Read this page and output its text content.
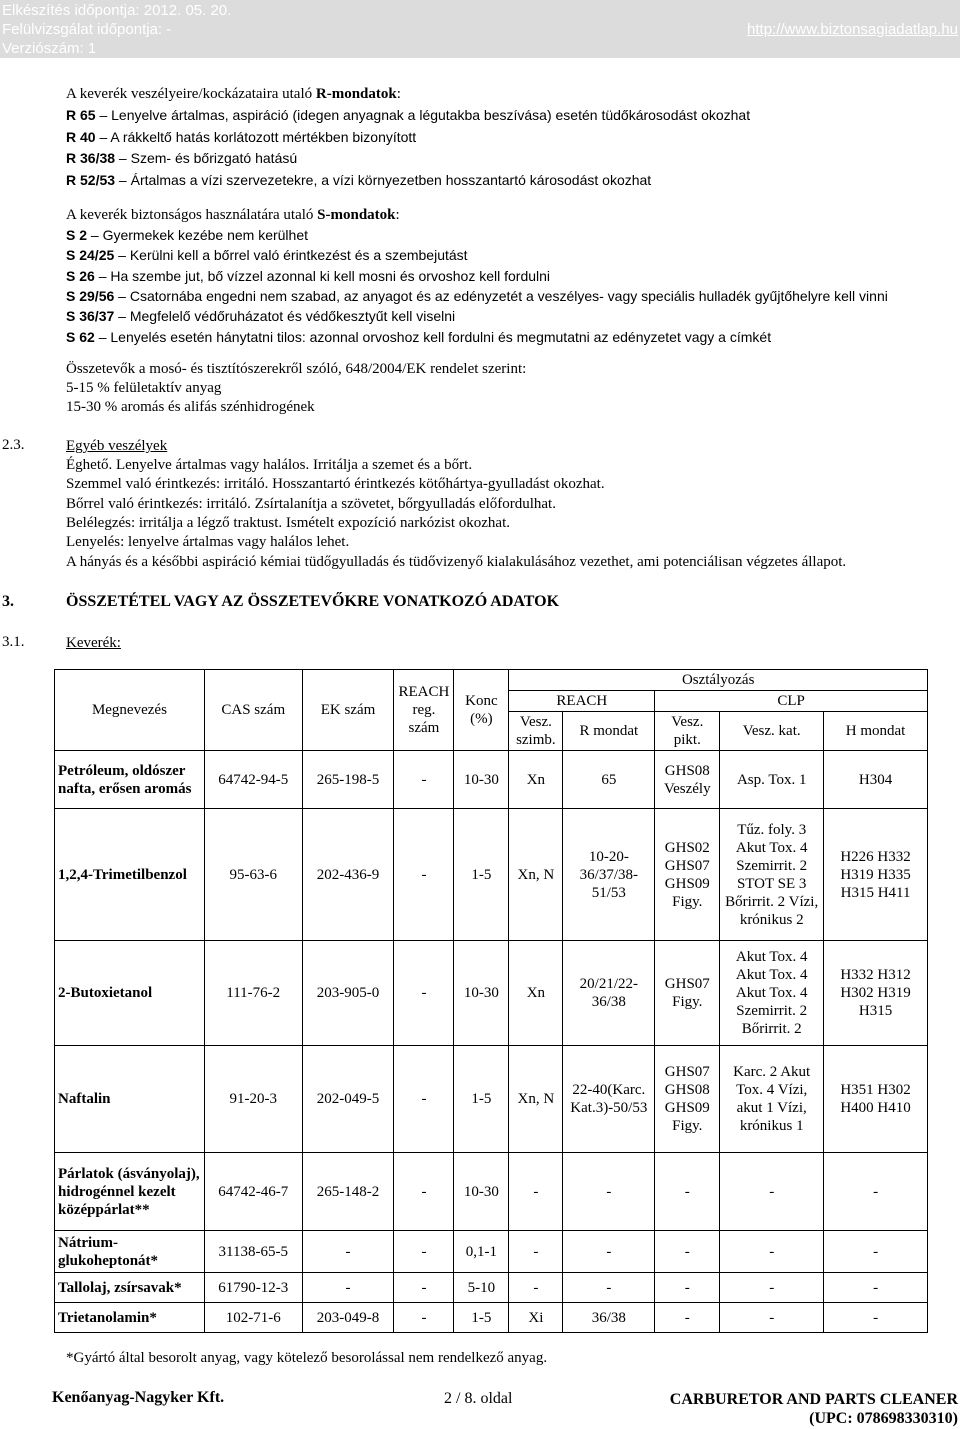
Elkészítés időpontja: 2012. 05. 20.
Felülvizsgálat időpontja: -
Verziószám: 1
http://www.biztonsagiadatlap.hu
A keverék veszélyeire/kockázataira utaló R-mondatok:
R 65 – Lenyelve ártalmas, aspiráció (idegen anyagnak a légutakba beszívása) esetén tüdőkárosodást okozhat
R 40 – A rákkeltő hatás korlátozott mértékben bizonyított
R 36/38 – Szem- és bőrizgató hatású
R 52/53 – Ártalmas a vízi szervezetekre, a vízi környezetben hosszantartó károsodást okozhat
A keverék biztonságos használatára utaló S-mondatok:
S 2 – Gyermekek kezébe nem kerülhet
S 24/25 – Kerülni kell a bőrrel való érintkezést és a szembejutást
S 26 – Ha szembe jut, bő vízzel azonnal ki kell mosni és orvoshoz kell fordulni
S 29/56 – Csatornába engedni nem szabad, az anyagot és az edényzetét a veszélyes- vagy speciális hulladék gyűjtőhelyre kell vinni
S 36/37 – Megfelelő védőruházatot és védőkesztyűt kell viselni
S 62 – Lenyelés esetén hánytatni tilos: azonnal orvoshoz kell fordulni és megmutatni az edényzetet vagy a címkét
Összetevők a mosó- és tisztítószerekről szóló, 648/2004/EK rendelet szerint:
5-15 % felületaktív anyag
15-30 % aromás és alifás szénhidrogének
2.3.	Egyéb veszélyek
Éghető. Lenyelve ártalmas vagy halálos. Irritálja a szemet és a bőrt.
Szemmel való érintkezés: irritáló. Hosszantartó érintkezés kötőhártya-gyulladást okozhat.
Bőrrel való érintkezés: irritáló. Zsírtalanítja a szövetet, bőrgyulladás előfordulhat.
Belélegzés: irritálja a légző traktust. Ismételt expozíció narkózist okozhat.
Lenyelés: lenyelve ártalmas vagy halálos lehet.
A hányás és a későbbi aspiráció kémiai tüdőgyulladás és tüdővizenyő kialakulásához vezethet, ami potenciálisan végzetes állapot.
3.	ÖSSZETÉTEL VAGY AZ ÖSSZETEVŐKRE VONATKOZÓ ADATOK
3.1.	Keverék:
Megnevezés	CAS szám	EK szám	REACH reg. szám	Konc (%)	Osztályozás				
					REACH		CLP		
					Vesz. szimb.	R mondat	Vesz. pikt.	Vesz. kat.	H mondat
Petróleum, oldószer nafta, erősen aromás	64742-94-5	265-198-5	-	10-30	Xn	65	GHS08 Veszély	Asp. Tox. 1	H304
1,2,4-Trimetilbenzol	95-63-6	202-436-9	-	1-5	Xn, N	10-20-36/37/38-51/53	GHS02 GHS07 GHS09 Figy.	Tűz. foly. 3 Akut Tox. 4 Szemirrit. 2 STOT SE 3 Bőrirrit. 2 Vízi, krónikus 2	H226 H332 H319 H335 H315 H411
2-Butoxietanol	111-76-2	203-905-0	-	10-30	Xn	20/21/22-36/38	GHS07 Figy.	Akut Tox. 4 Akut Tox. 4 Akut Tox. 4 Szemirrit. 2 Bőrirrit. 2	H332 H312 H302 H319 H315
Naftalin	91-20-3	202-049-5	-	1-5	Xn, N	22-40(Karc. Kat.3)-50/53	GHS07 GHS08 GHS09 Figy.	Karc. 2 Akut Tox. 4 Vízi, akut 1 Vízi, krónikus 1	H351 H302 H400 H410
Párlatok (ásványolaj), hidrogénnel kezelt középpárlat**	64742-46-7	265-148-2	-	10-30	-	-	-	-	-
Nátrium-glukoheptonát*	31138-65-5	-	-	0,1-1	-	-	-	-	-
Tallolaj, zsírsavak*	61790-12-3	-	-	5-10	-	-	-	-	-
Trietanolamin*	102-71-6	203-049-8	-	1-5	Xi	36/38	-	-	-
*Gyártó által besorolt anyag, vagy kötelező besorolással nem rendelkező anyag.
Kenőanyag-Nagyker Kft.	2 / 8. oldal	CARBURETOR AND PARTS CLEANER
(UPC: 078698330310)
